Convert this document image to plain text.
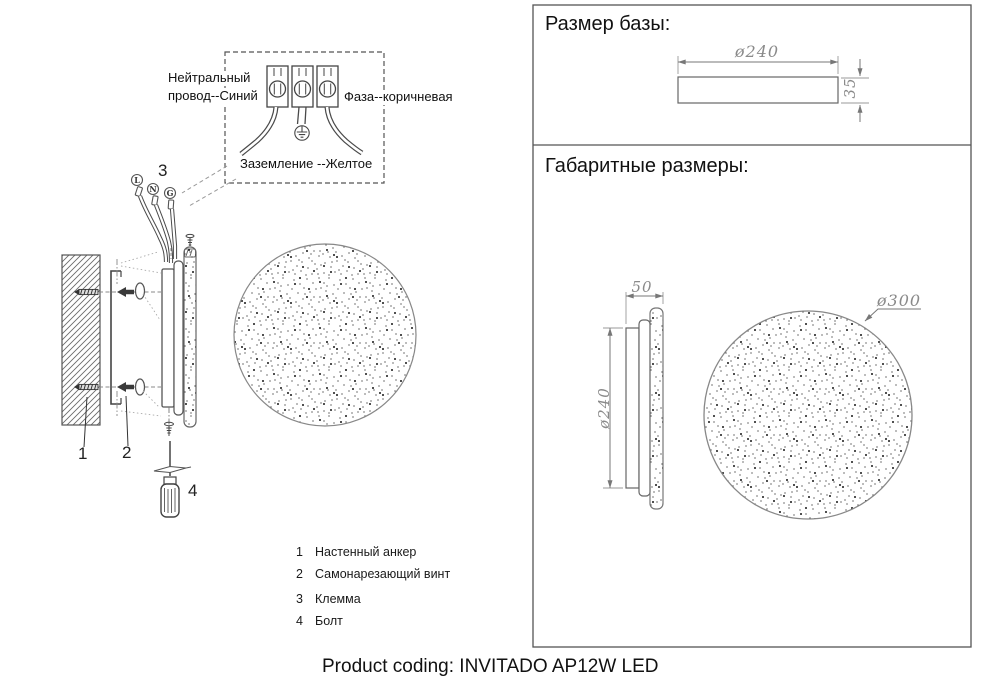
L
N G
Нейтральный
провод--Синий	Фаза--коричневая
Заземление --Желтое
3
1 2
4
1 Настенный анкер
2 Самонарезающий винт
3 Клемма
4 Болт
Размер базы:
Габаритные размеры:
ø240
35
50
ø240
ø300
Product coding: INVITADO AP12W LED
